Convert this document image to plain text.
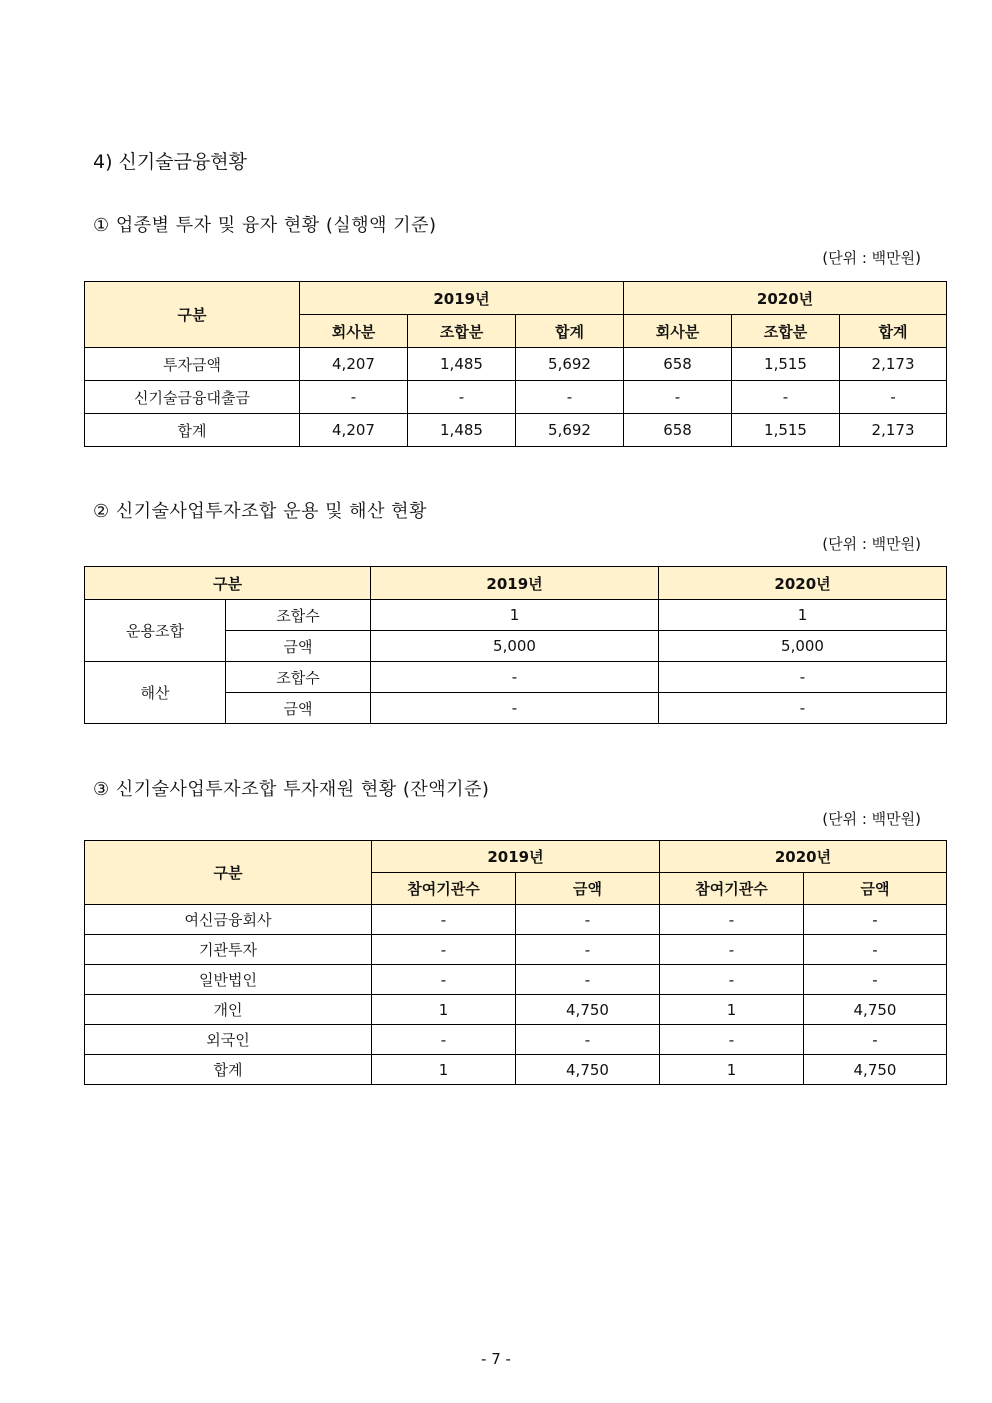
4) 신기술금융현황
① 업종별 투자 및 융자 현황 (실행액 기준)
(단위 : 백만원)
구분	2019년			2020년		
	회사분	조합분	합계	회사분	조합분	합계
투자금액	4,207	1,485	5,692	658	1,515	2,173
신기술금융대출금	-	-	-	-	-	-
합계	4,207	1,485	5,692	658	1,515	2,173
② 신기술사업투자조합 운용 및 해산 현황
(단위 : 백만원)
구분		2019년	2020년
운용조합	조합수	1	1
	금액	5,000	5,000
해산	조합수	-	-
	금액	-	-
③ 신기술사업투자조합 투자재원 현황 (잔액기준)
(단위 : 백만원)
구분	2019년		2020년	
	참여기관수	금액	참여기관수	금액
여신금융회사	-	-	-	-
기관투자	-	-	-	-
일반법인	-	-	-	-
개인	1	4,750	1	4,750
외국인	-	-	-	-
합계	1	4,750	1	4,750
- 7 -
